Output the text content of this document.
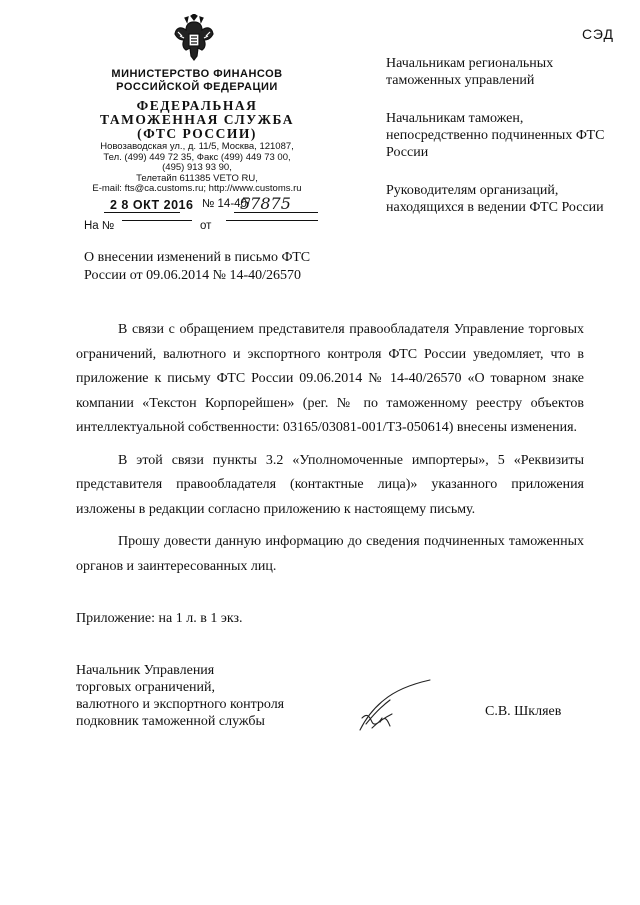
СЭД
МИНИСТЕРСТВО ФИНАНСОВ
РОССИЙСКОЙ ФЕДЕРАЦИИ
ФЕДЕРАЛЬНАЯ
ТАМОЖЕННАЯ СЛУЖБА
(ФТС РОССИИ)
Новозаводская ул., д. 11/5, Москва, 121087,
Тел. (499) 449 72 35, Факс (499) 449 73 00,
(495) 913 93 90,
Телетайп 611385 VETO RU,
E-mail: fts@ca.customs.ru; http://www.customs.ru
2 8 ОКТ 2016 № 14-40/
57875
На №	от

Начальникам региональных таможенных управлений

Начальникам таможен, непосредственно подчиненных ФТС России

Руководителям организаций, находящихся в ведении ФТС России

О внесении изменений в письмо ФТС России от 09.06.2014 № 14-40/26570

В связи с обращением представителя правообладателя Управление торговых ограничений, валютного и экспортного контроля ФТС России уведомляет, что в приложение к письму ФТС России 09.06.2014 № 14-40/26570 «О товарном знаке компании «Текстон Корпорейшен» (рег. № по таможенному реестру объектов интеллектуальной собственности: 03165/03081-001/ТЗ-050614) внесены изменения.

В этой связи пункты 3.2 «Уполномоченные импортеры», 5 «Реквизиты представителя правообладателя (контактные лица)» указанного приложения изложены в редакции согласно приложению к настоящему письму.

Прошу довести данную информацию до сведения подчиненных таможенных органов и заинтересованных лиц.

Приложение: на 1 л. в 1 экз.
Начальник Управления
торговых ограничений,
валютного и экспортного контроля
подковник таможенной службы
С.В. Шкляев
